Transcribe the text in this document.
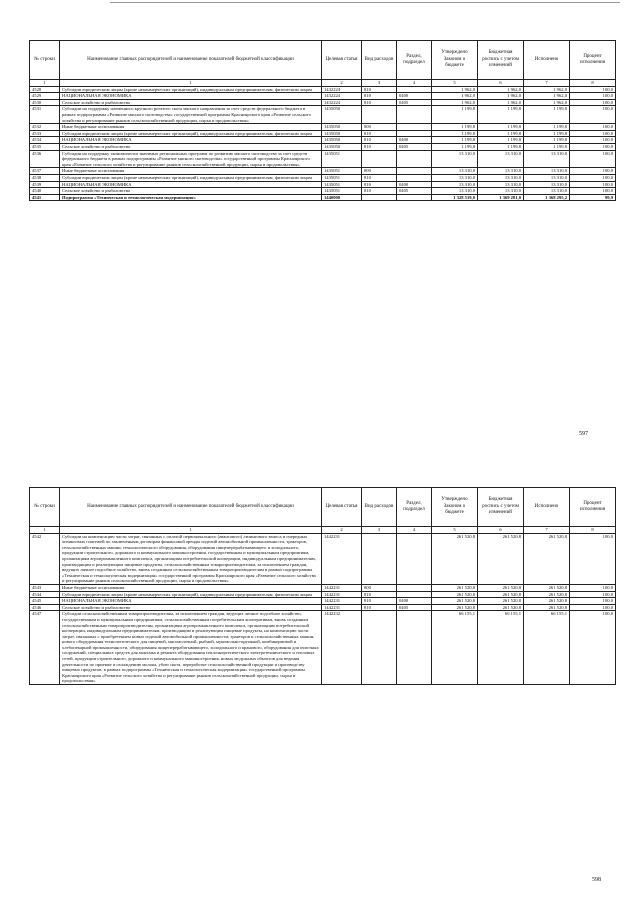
№ строки	Наименование главных распорядителей и наименование показателей бюджетной классификации	Целевая статья	Вид расходов	Раздел, подраздел	Утверждено Законом о бюджете	Бюджетная роспись с учетом изменений	Исполнено	Процент исполнения
1	1	2	3	4	5	6	7	8
4528	Субсидии юридическим лицам (кроме некоммерческих организаций), индивидуальным предпринимателям, физическим лицам	1432224	810		1 962,0	1 962,0	1 962,0	100,0
4529	НАЦИОНАЛЬНАЯ ЭКОНОМИКА	1432224	810	0400	1 962,0	1 962,0	1 962,0	100,0
4530	Сельское хозяйство и рыболовство	1432224	810	0405	1 962,0	1 962,0	1 962,0	100,0
4531	Субсидии на поддержку племенного крупного рогатого скота мясного направления за счет средств федерального бюджета в рамках подпрограммы «Развитие мясного скотоводства» государственной программы Красноярского края «Развитие сельского хозяйства и регулирование рынков сельскохозяйственной продукции, сырья и продовольствия»	1435050			1 199,8	1 199,8	1 199,8	100,0
4532	Иные бюджетные ассигнования	1435050	800		1 199,8	1 199,8	1 199,8	100,0
4533	Субсидии юридическим лицам (кроме некоммерческих организаций), индивидуальным предпринимателям, физическим лицам	1435050	810		1 199,8	1 199,8	1 199,8	100,0
4534	НАЦИОНАЛЬНАЯ ЭКОНОМИКА	1435050	810	0400	1 199,8	1 199,8	1 199,8	100,0
4535	Сельское хозяйство и рыболовство	1435050	810	0405	1 199,8	1 199,8	1 199,8	100,0
4536	Субсидии на поддержку экономически значимых региональных программ по развитию мясного скотоводства за счет средств федерального бюджета в рамках подпрограммы «Развитие мясного скотоводства» государственной программы Красноярского края «Развитие сельского хозяйства и регулирование рынков сельскохозяйственной продукции, сырья и продовольствия»	1435051			13 310,0	13 310,0	13 310,0	100,0
4537	Иные бюджетные ассигнования	1435051	800		13 310,0	13 310,0	13 310,0	100,0
4538	Субсидии юридическим лицам (кроме некоммерческих организаций), индивидуальным предпринимателям, физическим лицам	1435051	810		13 310,0	13 310,0	13 310,0	100,0
4539	НАЦИОНАЛЬНАЯ ЭКОНОМИКА	1435051	810	0400	13 310,0	13 310,0	13 310,0	100,0
4540	Сельское хозяйство и рыболовство	1435051	810	0405	13 310,0	13 310,0	13 310,0	100,0
4541	Подпрограмма «Техническая и технологическая модернизация»	1440000			1 328 519,0	1 369 281,0	1 368 295,2	99,9
597
№ строки	Наименование главных распорядителей и наименование показателей бюджетной классификации	Целевая статья	Вид расходов	Раздел, подраздел	Утверждено Законом о бюджете	Бюджетная роспись с учетом изменений	Исполнено	Процент исполнения
1	1	2	3	4	5	6	7	8
4542	Субсидии на компенсацию части затрат, связанных с оплатой первоначального (авансового) лизингового взноса и очередных лизинговых платежей по заключенным договорам финансовой аренды изделий автомобильной промышленности, тракторов, сельскохозяйственных машин, технологического оборудования, оборудования пищеперерабатывающего и холодильного, продукции строительного, дорожного и коммунального машиностроения, государственным и муниципальным предприятиям, организациям агропромышленного комплекса, организациям потребительской кооперации, индивидуальным предпринимателям, производящим и реализующим пищевые продукты, сельскохозяйственным товаропроизводителям, за исключением граждан, ведущих личное подсобное хозяйство, вновь созданным сельскохозяйственным товаропроизводителям в рамках подпрограммы «Техническая и технологическая модернизация» государственной программы Красноярского края «Развитие сельского хозяйства и регулирование рынков сельскохозяйственной продукции, сырья и продовольствия»	1442231			261 520,8	261 520,8	261 520,8	100,0
4543	Иные бюджетные ассигнования	1442231	800		261 520,8	261 520,8	261 520,8	100,0
4544	Субсидии юридическим лицам (кроме некоммерческих организаций), индивидуальным предпринимателям, физическим лицам	1442231	810		261 520,8	261 520,8	261 520,8	100,0
4545	НАЦИОНАЛЬНАЯ ЭКОНОМИКА	1442231	810	0400	261 520,8	261 520,8	261 520,8	100,0
4546	Сельское хозяйство и рыболовство	1442231	810	0405	261 520,8	261 520,8	261 520,8	100,0
4547	Субсидии сельскохозяйственным товаропроизводителям, за исключением граждан, ведущих личное подсобное хозяйство, государственным и муниципальным предприятиям, сельскохозяйственным потребительским кооперативам, вновь созданным сельскохозяйственным товаропроизводителям, организациям агропромышленного комплекса, организациям потребительской кооперации, индивидуальным предпринимателям, производящим и реализующим пищевые продукты, на компенсацию части затрат, связанных с приобретением новых изделий автомобильной промышленности, тракторов и сельскохозяйственных машин, нового оборудования технологического для пищевой, мясомолочной, рыбной, мукомольно-крупяной, комбикормовой и хлебопекарной промышленности, оборудования пищеперерабатывающего, холодильного и кранового, оборудования для очистных сооружений, специальных средств для монтажа и ремонта оборудования теплоэнергетического электротехнического и тепловых сетей, продукции строительного, дорожного и коммунального машиностроения, новых модульных объектов для ведения деятельности по приемке и охлаждению молока, убою скота, переработке сельскохозяйственной продукции и производству пищевых продуктов, в рамках подпрограммы «Техническая и технологическая модернизация» государственной программы Красноярского края «Развитие сельского хозяйства и регулирование рынков сельскохозяйственной продукции, сырья и продовольствия»	1442232			66 155,1	66 155,1	66 155,1	100,0
598
